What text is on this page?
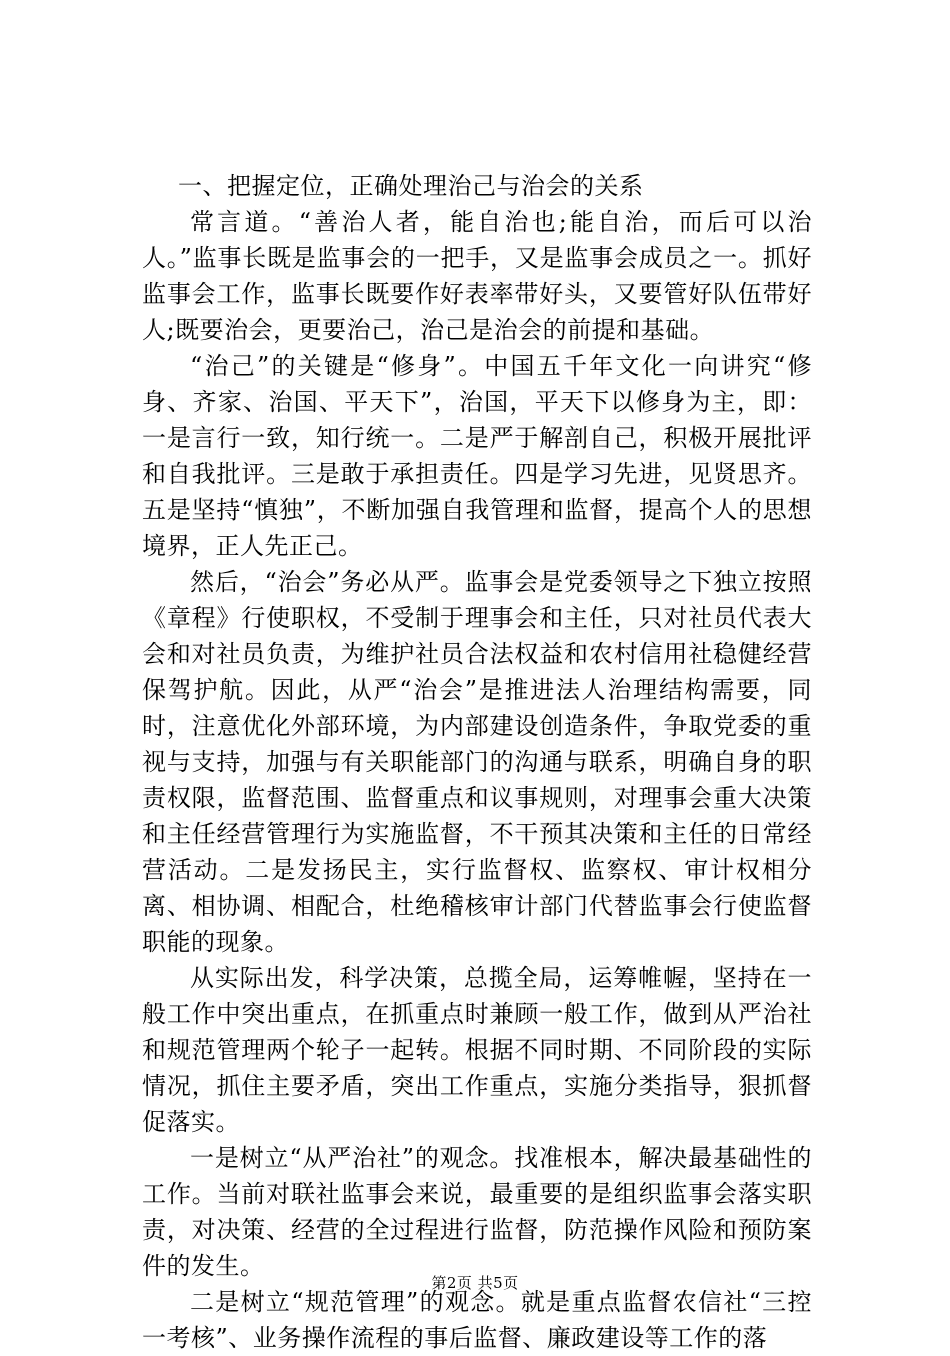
一、把握定位，正确处理治己与治会的关系

常言道。“善治人者，能自治也;能自治，而后可以治人。”监事长既是监事会的一把手，又是监事会成员之一。抓好监事会工作，监事长既要作好表率带好头，又要管好队伍带好人;既要治会，更要治己，治己是治会的前提和基础。

“治己”的关键是“修身”。中国五千年文化一向讲究“修身、齐家、治国、平天下”，治国，平天下以修身为主，即：一是言行一致，知行统一。二是严于解剖自己，积极开展批评和自我批评。三是敢于承担责任。四是学习先进，见贤思齐。五是坚持“慎独”，不断加强自我管理和监督，提高个人的思想境界，正人先正己。

然后，“治会”务必从严。监事会是党委领导之下独立按照《章程》行使职权，不受制于理事会和主任，只对社员代表大会和对社员负责，为维护社员合法权益和农村信用社稳健经营保驾护航。因此，从严“治会”是推进法人治理结构需要，同时，注意优化外部环境，为内部建设创造条件，争取党委的重视与支持，加强与有关职能部门的沟通与联系，明确自身的职责权限，监督范围、监督重点和议事规则，对理事会重大决策和主任经营管理行为实施监督，不干预其决策和主任的日常经营活动。二是发扬民主，实行监督权、监察权、审计权相分离、相协调、相配合，杜绝稽核审计部门代替监事会行使监督职能的现象。

从实际出发，科学决策，总揽全局，运筹帷幄，坚持在一般工作中突出重点，在抓重点时兼顾一般工作，做到从严治社和规范管理两个轮子一起转。根据不同时期、不同阶段的实际情况，抓住主要矛盾，突出工作重点，实施分类指导，狠抓督促落实。

一是树立“从严治社”的观念。找准根本，解决最基础性的工作。当前对联社监事会来说，最重要的是组织监事会落实职责，对决策、经营的全过程进行监督，防范操作风险和预防案件的发生。

二是树立“规范管理”的观念。就是重点监督农信社“三控一考核”、业务操作流程的事后监督、廉政建设等工作的落

第2页 共5页
